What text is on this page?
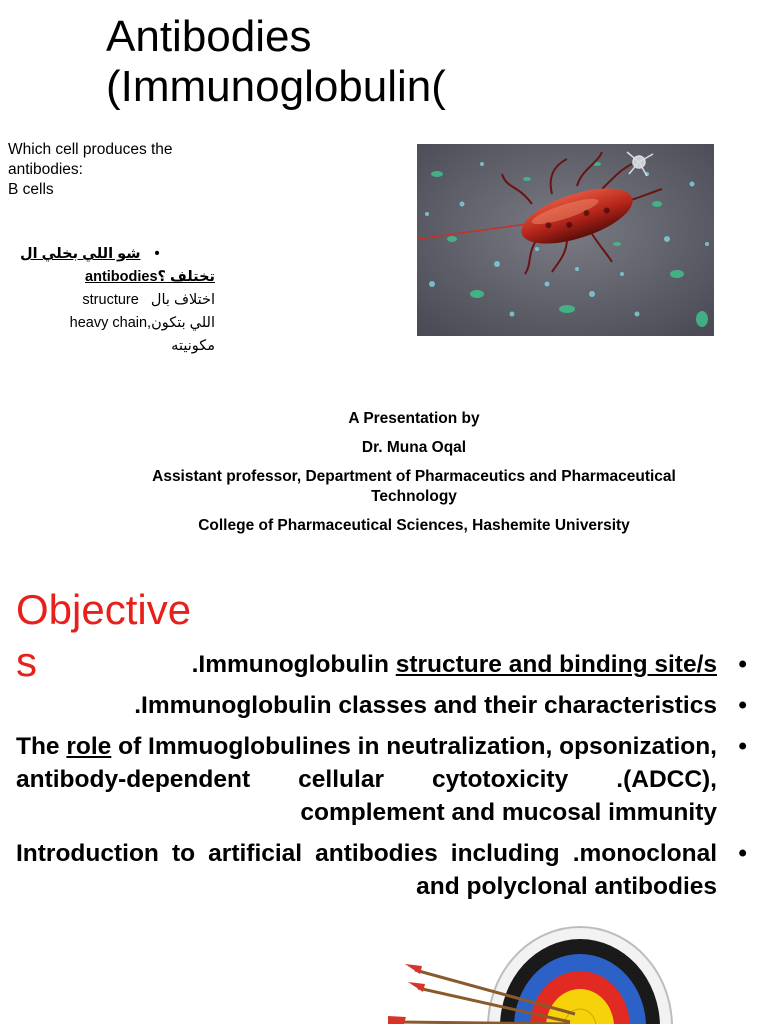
Antibodies
(Immunoglobulin(
Which cell produces the
antibodies:
B cells
•
شو اللي بخلي ال
تختلف ؟antibodies
اختلاف بال   structure
اللي بتكونheavy chain,
مكونيته
A Presentation by
Dr. Muna Oqal
Assistant professor, Department of Pharmaceutics and Pharmaceutical Technology
College of Pharmaceutical Sciences, Hashemite University
Objective
s	.Immunoglobulin structure and binding site/s •
.Immunoglobulin classes and their characteristics •
The role of Immuoglobulines in neutralization, opsonization, antibody-dependent cellular cytotoxicity .(ADCC), complement and mucosal immunity
•
Introduction to artificial antibodies including .monoclonal and polyclonal antibodies
•
